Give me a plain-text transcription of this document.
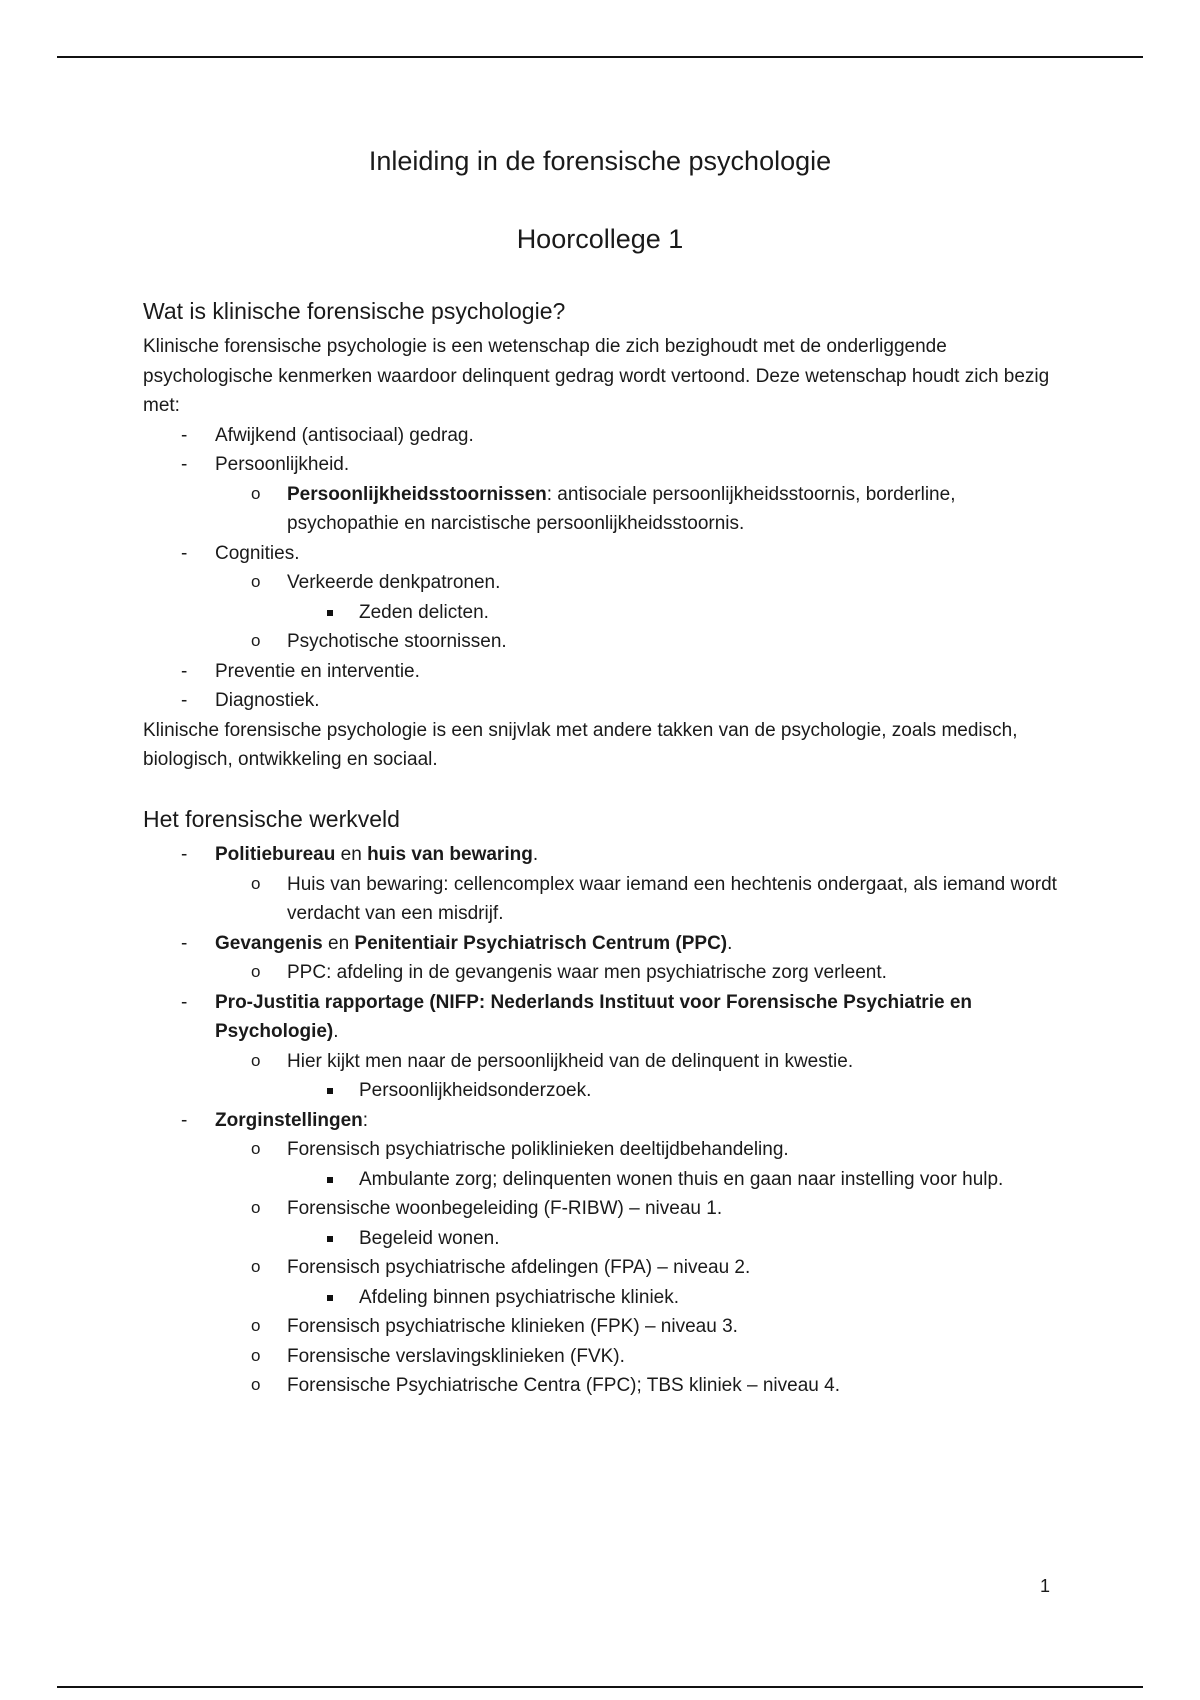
Inleiding in de forensische psychologie
Hoorcollege 1
Wat is klinische forensische psychologie?

Klinische forensische psychologie is een wetenschap die zich bezighoudt met de onderliggende psychologische kenmerken waardoor delinquent gedrag wordt vertoond. Deze wetenschap houdt zich bezig met:

- Afwijkend (antisociaal) gedrag.
- Persoonlijkheid.
o Persoonlijkheidsstoornissen: antisociale persoonlijkheidsstoornis, borderline, psychopathie en narcistische persoonlijkheidsstoornis.
- Cognities.
o Verkeerde denkpatronen.
Zeden delicten.
o Psychotische stoornissen.
- Preventie en interventie.
- Diagnostiek.

Klinische forensische psychologie is een snijvlak met andere takken van de psychologie, zoals medisch, biologisch, ontwikkeling en sociaal.

Het forensische werkveld
- Politiebureau en huis van bewaring.
o Huis van bewaring: cellencomplex waar iemand een hechtenis ondergaat, als iemand wordt verdacht van een misdrijf.
- Gevangenis en Penitentiair Psychiatrisch Centrum (PPC).
o PPC: afdeling in de gevangenis waar men psychiatrische zorg verleent.
- Pro-Justitia rapportage (NIFP: Nederlands Instituut voor Forensische Psychiatrie en Psychologie).
o Hier kijkt men naar de persoonlijkheid van de delinquent in kwestie.
Persoonlijkheidsonderzoek.
- Zorginstellingen:
o Forensisch psychiatrische poliklinieken deeltijdbehandeling.
Ambulante zorg; delinquenten wonen thuis en gaan naar instelling voor hulp.
o Forensische woonbegeleiding (F-RIBW) – niveau 1.
Begeleid wonen.
o Forensisch psychiatrische afdelingen (FPA) – niveau 2.
Afdeling binnen psychiatrische kliniek.
o Forensisch psychiatrische klinieken (FPK) – niveau 3.
o Forensische verslavingsklinieken (FVK).
o Forensische Psychiatrische Centra (FPC); TBS kliniek – niveau 4.
1
